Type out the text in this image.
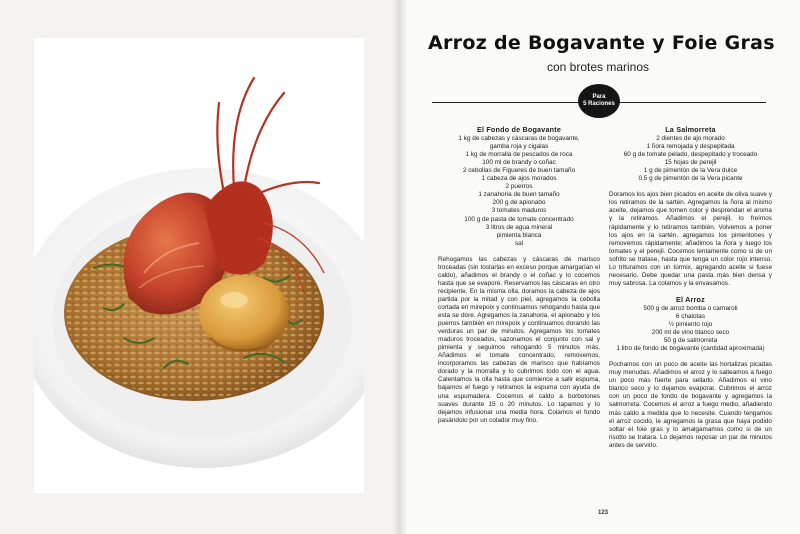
Arroz de Bogavante y Foie Gras
con brotes marinos
Para
5 Raciones
El Fondo de Bogavante
1 kg de cabezas y cáscaras de bogavante,
gamba roja y cigalas
1 kg de morralla de pescados de roca
100 ml de brandy o coñac
2 cebollas de Figueres de buen tamaño
1 cabeza de ajos morados
2 puerros
1 zanahoria de buen tamaño
200 g de apionabo
3 tomates maduros
100 g de pasta de tomate concentrado
3 litros de agua mineral
pimienta blanca
sal
Rehogamos las cabezas y cáscaras de marisco troceadas (sin tostarlas en exceso porque amargarían el caldo), añadimos el brandy o el coñac y lo cocemos hasta que se evapore. Reservamos las cáscaras en otro recipiente. En la misma olla, doramos la cabeza de ajos partida por la mitad y con piel, agregamos la cebolla cortada en mirepoix y continuamos rehogando hasta que esta se dore. Agregamos la zanahoria, el apionabo y los puerros también en mirepoix y continuamos dorando las verduras un par de minutos. Agregamos los tomates maduros troceados, sazonamos el conjunto con sal y pimienta y seguimos rehogando 5 minutos más. Añadimos el tomate concentrado, removemos, incorporamos las cabezas de marisco que habíamos dorado y la morralla y lo cubrimos todo con el agua. Calentamos la olla hasta que comience a salir espuma, bajamos el fuego y retiramos la espuma con ayuda de una espumadera. Cocemos el caldo a borbotones suaves durante 15 o 20 minutos. Lo tapamos y lo dejamos infusionar una media hora. Colamos el fondo pasándolo por un colador muy fino.
La Salmorreta
2 dientes de ajo morado
1 ñora remojada y despepitada
60 g de tomate pelado, despepitado y troceado
15 hojas de perejil
1 g de pimentón de la Vera dulce
0,5 g de pimentón de la Vera picante
Doramos los ajos bien picados en aceite de oliva suave y los retiramos de la sartén. Agregamos la ñora al mismo aceite, dejamos que tomen color y desprendan el aroma y la retiramos. Añadimos el perejil, lo freímos rápidamente y lo retiramos también. Volvemos a poner los ajos en la sartén, agregamos los pimentones y removemos rápidamente; añadimos la ñora y luego los tomates y el perejil. Cocemos lentamente como si de un sofrito se tratase, hasta que tenga un color rojo intenso. Lo trituramos con un túrmix, agregando aceite si fuese necesario. Debe quedar una pasta más bien densa y muy sabrosa. La colamos y la envasamos.
El Arroz
500 g de arroz bomba o carnaroli
6 chalotas
½ pimiento rojo
200 ml de vino blanco seco
50 g de salmorreta
1 litro de fondo de bogavante (cantidad aproximada)
Pochamos con un poco de aceite las hortalizas picadas muy menudas. Añadimos el arroz y lo salteamos a fuego un poco más fuerte para sellarlo. Añadimos el vino blanco seco y lo dejamos evaporar. Cubrimos el arroz con un poco de fondo de bogavante y agregamos la salmorreta. Cocemos el arroz a fuego medio, añadiendo más caldo a medida que lo necesite. Cuando tengamos el arroz cocido, le agregamos la grasa que haya podido soltar el foie gras y lo amalgamamos como si de un risotto se tratara. Lo dejamos reposar un par de minutos antes de servirlo.
123
